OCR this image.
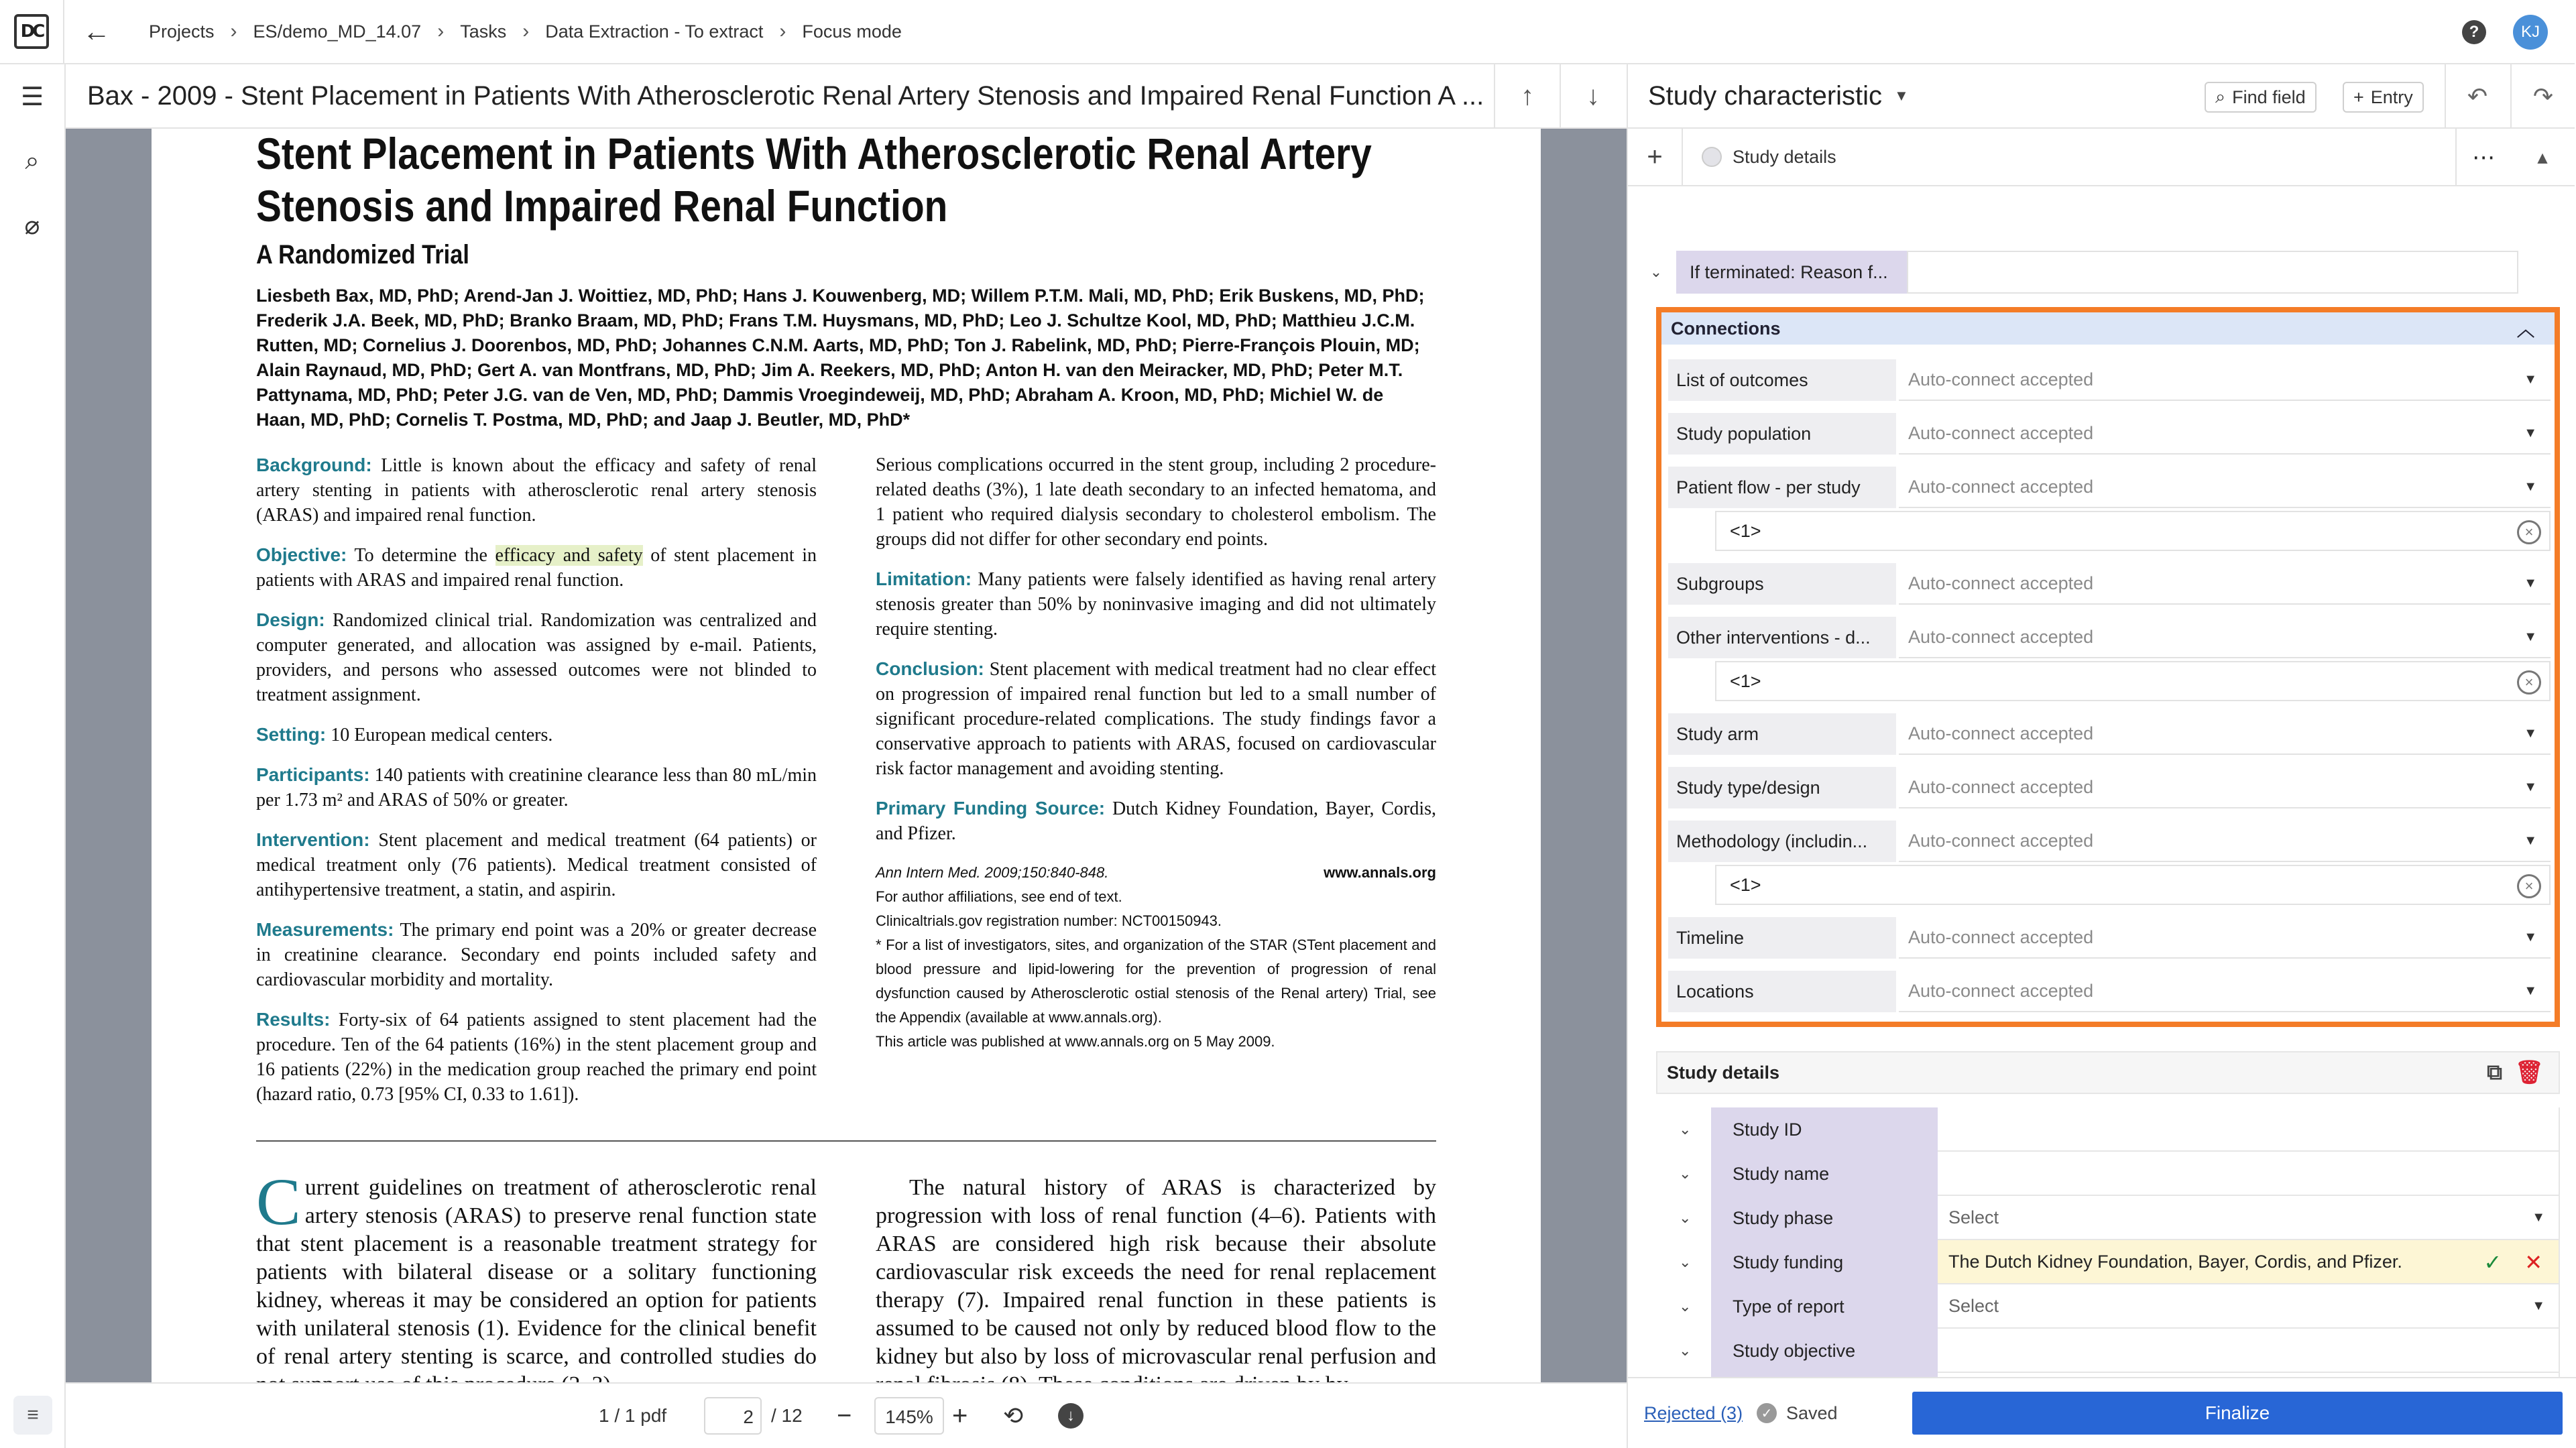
DC	←	Projects › ES/demo_MD_14.07 › Tasks › Data Extraction - To extract › Focus mode	?	KJ
☰
⌕
⌀
≡
Bax - 2009 - Stent Placement in Patients With Atherosclerotic Renal Artery Stenosis and Impaired Renal Function A ...	↑	↓
Stent Placement in Patients With Atherosclerotic Renal Artery
Stenosis and Impaired Renal Function
A Randomized Trial
Liesbeth Bax, MD, PhD; Arend-Jan J. Woittiez, MD, PhD; Hans J. Kouwenberg, MD; Willem P.T.M. Mali, MD, PhD; Erik Buskens, MD, PhD; Frederik J.A. Beek, MD, PhD; Branko Braam, MD, PhD; Frans T.M. Huysmans, MD, PhD; Leo J. Schultze Kool, MD, PhD; Matthieu J.C.M. Rutten, MD; Cornelius J. Doorenbos, MD, PhD; Johannes C.N.M. Aarts, MD, PhD; Ton J. Rabelink, MD, PhD; Pierre-François Plouin, MD; Alain Raynaud, MD, PhD; Gert A. van Montfrans, MD, PhD; Jim A. Reekers, MD, PhD; Anton H. van den Meiracker, MD, PhD; Peter M.T. Pattynama, MD, PhD; Peter J.G. van de Ven, MD, PhD; Dammis Vroegindeweij, MD, PhD; Abraham A. Kroon, MD, PhD; Michiel W. de Haan, MD, PhD; Cornelis T. Postma, MD, PhD; and Jaap J. Beutler, MD, PhD*

Background: Little is known about the efficacy and safety of renal artery stenting in patients with atherosclerotic renal artery stenosis (ARAS) and impaired renal function.

Objective: To determine the efficacy and safety of stent placement in patients with ARAS and impaired renal function.

Design: Randomized clinical trial. Randomization was centralized and computer generated, and allocation was assigned by e-mail. Patients, providers, and persons who assessed outcomes were not blinded to treatment assignment.

Setting: 10 European medical centers.

Participants: 140 patients with creatinine clearance less than 80 mL/min per 1.73 m² and ARAS of 50% or greater.

Intervention: Stent placement and medical treatment (64 patients) or medical treatment only (76 patients). Medical treatment consisted of antihypertensive treatment, a statin, and aspirin.

Measurements: The primary end point was a 20% or greater decrease in creatinine clearance. Secondary end points included safety and cardiovascular morbidity and mortality.

Results: Forty-six of 64 patients assigned to stent placement had the procedure. Ten of the 64 patients (16%) in the stent placement group and 16 patients (22%) in the medication group reached the primary end point (hazard ratio, 0.73 [95% CI, 0.33 to 1.61]).

Serious complications occurred in the stent group, including 2 procedure-related deaths (3%), 1 late death secondary to an infected hematoma, and 1 patient who required dialysis secondary to cholesterol embolism. The groups did not differ for other secondary end points.

Limitation: Many patients were falsely identified as having renal artery stenosis greater than 50% by noninvasive imaging and did not ultimately require stenting.

Conclusion: Stent placement with medical treatment had no clear effect on progression of impaired renal function but led to a small number of significant procedure-related complications. The study findings favor a conservative approach to patients with ARAS, focused on cardiovascular risk factor management and avoiding stenting.

Primary Funding Source: Dutch Kidney Foundation, Bayer, Cordis, and Pfizer.

Ann Intern Med. 2009;150:840-848.	www.annals.org
For author affiliations, see end of text.
Clinicaltrials.gov registration number: NCT00150943.
* For a list of investigators, sites, and organization of the STAR (STent placement and blood pressure and lipid-lowering for the prevention of progression of renal dysfunction caused by Atherosclerotic ostial stenosis of the Renal artery) Trial, see the Appendix (available at www.annals.org).
This article was published at www.annals.org on 5 May 2009.
Current guidelines on treatment of atherosclerotic renal artery stenosis (ARAS) to preserve renal function state that stent placement is a reasonable treatment strategy for patients with bilateral disease or a solitary functioning kidney, whereas it may be considered an option for patients with unilateral stenosis (1). Evidence for the clinical benefit of renal artery stenting is scarce, and controlled studies do
The natural history of ARAS is characterized by progression with loss of renal function (4–6). Patients with ARAS are considered high risk because their absolute cardiovascular risk exceeds the need for renal replacement therapy (7). Impaired renal function in these patients is assumed to be caused not only by reduced blood flow to the kidney but also by loss of microvascular renal perfusion and
1 / 1 pdf	2 / 12 −	145% + ⟲	↓
Study characteristic ▼	⌕ Find field	+ Entry	↶	↷
+	Study details	⋯	▲
⌄	If terminated: Reason f...
Connections	︿
List of outcomes	Auto-connect accepted	▼
Study population	Auto-connect accepted	▼
Patient flow - per study	Auto-connect accepted	▼
<1>	×
Subgroups	Auto-connect accepted	▼
Other interventions - d...	Auto-connect accepted	▼
<1>	×
Study arm	Auto-connect accepted	▼
Study type/design	Auto-connect accepted	▼
Methodology (includin...	Auto-connect accepted	▼
<1>	×
Timeline	Auto-connect accepted	▼
Locations	Auto-connect accepted	▼
Study details	⧉ 🗑
⌄ Study ID
⌄ Study name
⌄ Study phase	Select	▼
⌄ Study funding	The Dutch Kidney Foundation, Bayer, Cordis, and Pfizer.	✓ ✕
⌄ Type of report	Select	▼
⌄ Study objective
Rejected (3)	✓ Saved	Finalize
